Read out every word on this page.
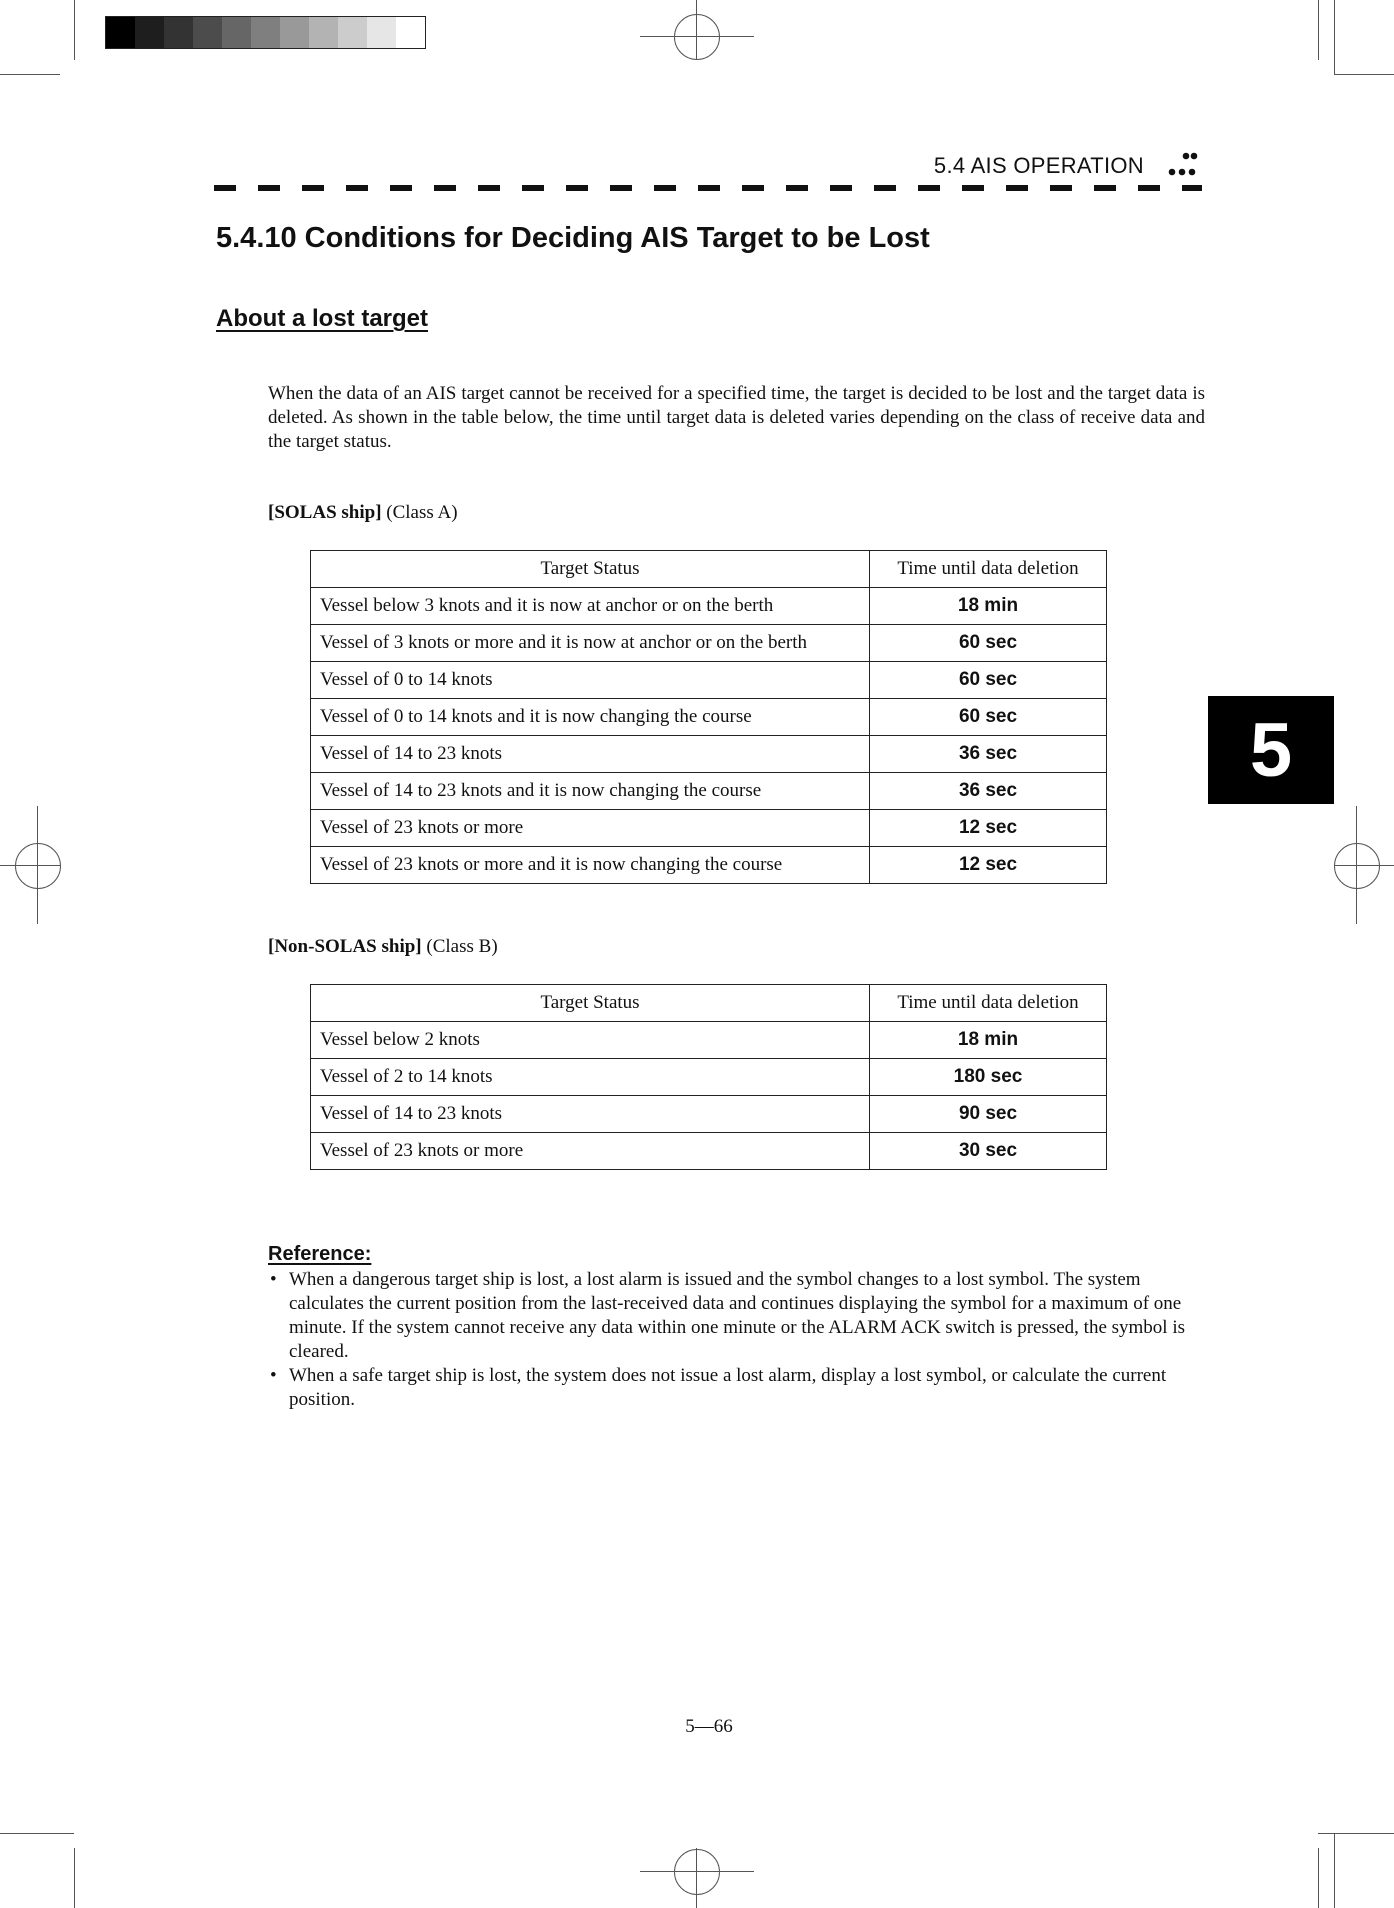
5.4 AIS OPERATION
5.4.10 Conditions for Deciding AIS Target to be Lost
About a lost target

When the data of an AIS target cannot be received for a specified time, the target is decided to be lost and the target data is deleted. As shown in the table below, the time until target data is deleted varies depending on the class of receive data and the target status.

[SOLAS ship] (Class A)

Target Status	Time until data deletion
Vessel below 3 knots and it is now at anchor or on the berth	18 min
Vessel of 3 knots or more and it is now at anchor or on the berth	60 sec
Vessel of 0 to 14 knots	60 sec
Vessel of 0 to 14 knots and it is now changing the course	60 sec
Vessel of 14 to 23 knots	36 sec
Vessel of 14 to 23 knots and it is now changing the course	36 sec
Vessel of 23 knots or more	12 sec
Vessel of 23 knots or more and it is now changing the course	12 sec

[Non-SOLAS ship] (Class B)

Target Status	Time until data deletion
Vessel below 2 knots	18 min
Vessel of 2 to 14 knots	180 sec
Vessel of 14 to 23 knots	90 sec
Vessel of 23 knots or more	30 sec

Reference:

• When a dangerous target ship is lost, a lost alarm is issued and the symbol changes to a lost symbol. The system calculates the current position from the last-received data and continues displaying the symbol for a maximum of one minute. If the system cannot receive any data within one minute or the ALARM ACK switch is pressed, the symbol is cleared.
• When a safe target ship is lost, the system does not issue a lost alarm, display a lost symbol, or calculate the current position.
5
5—66
